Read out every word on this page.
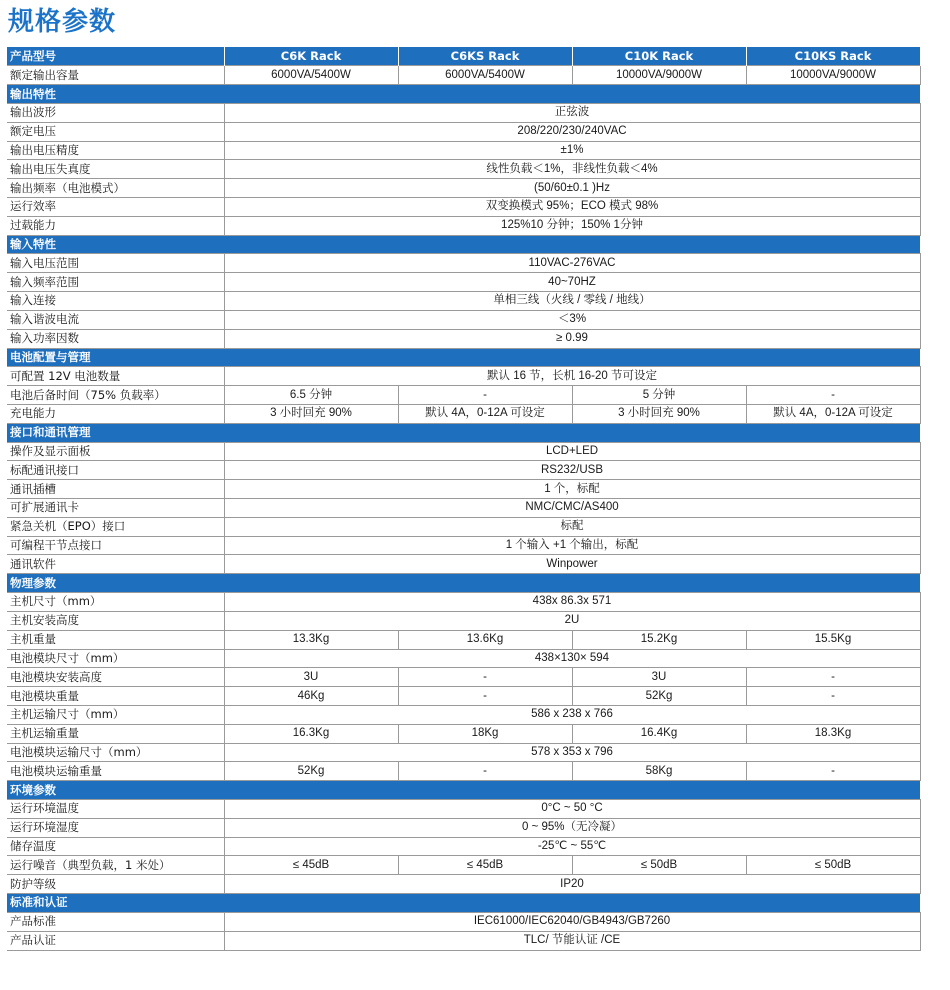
规格参数
产品型号	C6K Rack	C6KS Rack	C10K Rack	C10KS Rack
额定输出容量	6000VA/5400W	6000VA/5400W	10000VA/9000W	10000VA/9000W
输出特性				
输出波形	正弦波			
额定电压	208/220/230/240VAC			
输出电压精度	±1%			
输出电压失真度	线性负载＜1%，非线性负载＜4%			
输出频率（电池模式）	(50/60±0.1 )Hz			
运行效率	双变换模式 95%；ECO 模式 98%			
过载能力	125%10 分钟；150% 1分钟			
输入特性				
输入电压范围	110VAC-276VAC			
输入频率范围	40~70HZ			
输入连接	单相三线（火线 / 零线 / 地线）			
输入谐波电流	＜3%			
输入功率因数	≥ 0.99			
电池配置与管理				
可配置 12V 电池数量	默认 16 节，长机 16-20 节可设定			
电池后备时间（75% 负载率）	6.5 分钟	-	5 分钟	-
充电能力	3 小时回充 90%	默认 4A，0-12A 可设定	3 小时回充 90%	默认 4A，0-12A 可设定
接口和通讯管理				
操作及显示面板	LCD+LED			
标配通讯接口	RS232/USB			
通讯插槽	1 个，标配			
可扩展通讯卡	NMC/CMC/AS400			
紧急关机（EPO）接口	标配			
可编程干节点接口	1 个输入 +1 个输出，标配			
通讯软件	Winpower			
物理参数				
主机尺寸（mm）	438x 86.3x 571			
主机安装高度	2U			
主机重量	13.3Kg	13.6Kg	15.2Kg	15.5Kg
电池模块尺寸（mm）	438×130× 594			
电池模块安装高度	3U	-	3U	-
电池模块重量	46Kg	-	52Kg	-
主机运输尺寸（mm）	586 x 238 x 766			
主机运输重量	16.3Kg	18Kg	16.4Kg	18.3Kg
电池模块运输尺寸（mm）	578 x 353 x 796			
电池模块运输重量	52Kg	-	58Kg	-
环境参数				
运行环境温度	0°C ~ 50 °C			
运行环境湿度	0 ~ 95%（无冷凝）			
储存温度	-25℃ ~ 55℃			
运行噪音（典型负载，1 米处）	≤ 45dB	≤ 45dB	≤ 50dB	≤ 50dB
防护等级	IP20			
标准和认证				
产品标准	IEC61000/IEC62040/GB4943/GB7260			
产品认证	TLC/ 节能认证 /CE			
